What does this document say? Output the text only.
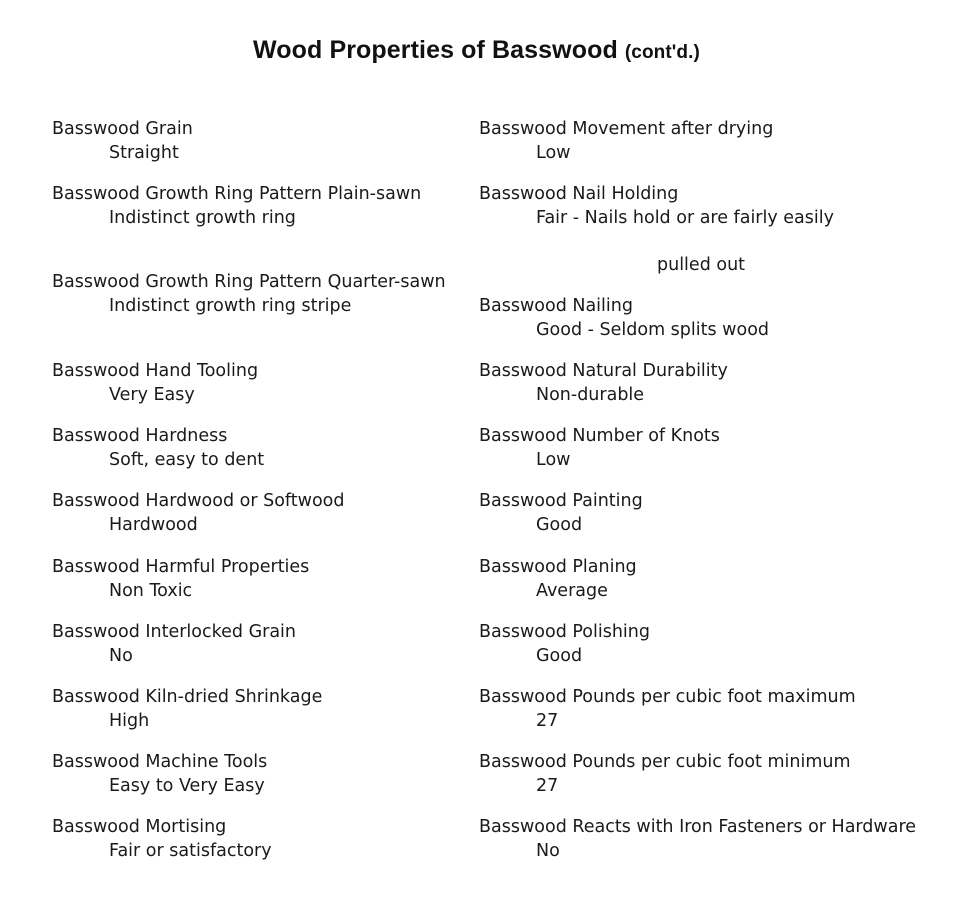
Wood Properties of Basswood (cont'd.)
Basswood Grain
Straight
Basswood Growth Ring Pattern Plain-sawn
Indistinct growth ring
Basswood Growth Ring Pattern Quarter-sawn
Indistinct growth ring stripe
Basswood Hand Tooling
Very Easy
Basswood Hardness
Soft, easy to dent
Basswood Hardwood or Softwood
Hardwood
Basswood Harmful Properties
Non Toxic
Basswood Interlocked Grain
No
Basswood Kiln-dried Shrinkage
High
Basswood Machine Tools
Easy to Very Easy
Basswood Mortising
Fair or satisfactory
Basswood Movement after drying
Low
Basswood Nail Holding
Fair - Nails hold or are fairly easily
pulled out
Basswood Nailing
Good - Seldom splits wood
Basswood Natural Durability
Non-durable
Basswood Number of Knots
Low
Basswood Painting
Good
Basswood Planing
Average
Basswood Polishing
Good
Basswood Pounds per cubic foot maximum
27
Basswood Pounds per cubic foot minimum
27
Basswood Reacts with Iron Fasteners or Hardware
No
